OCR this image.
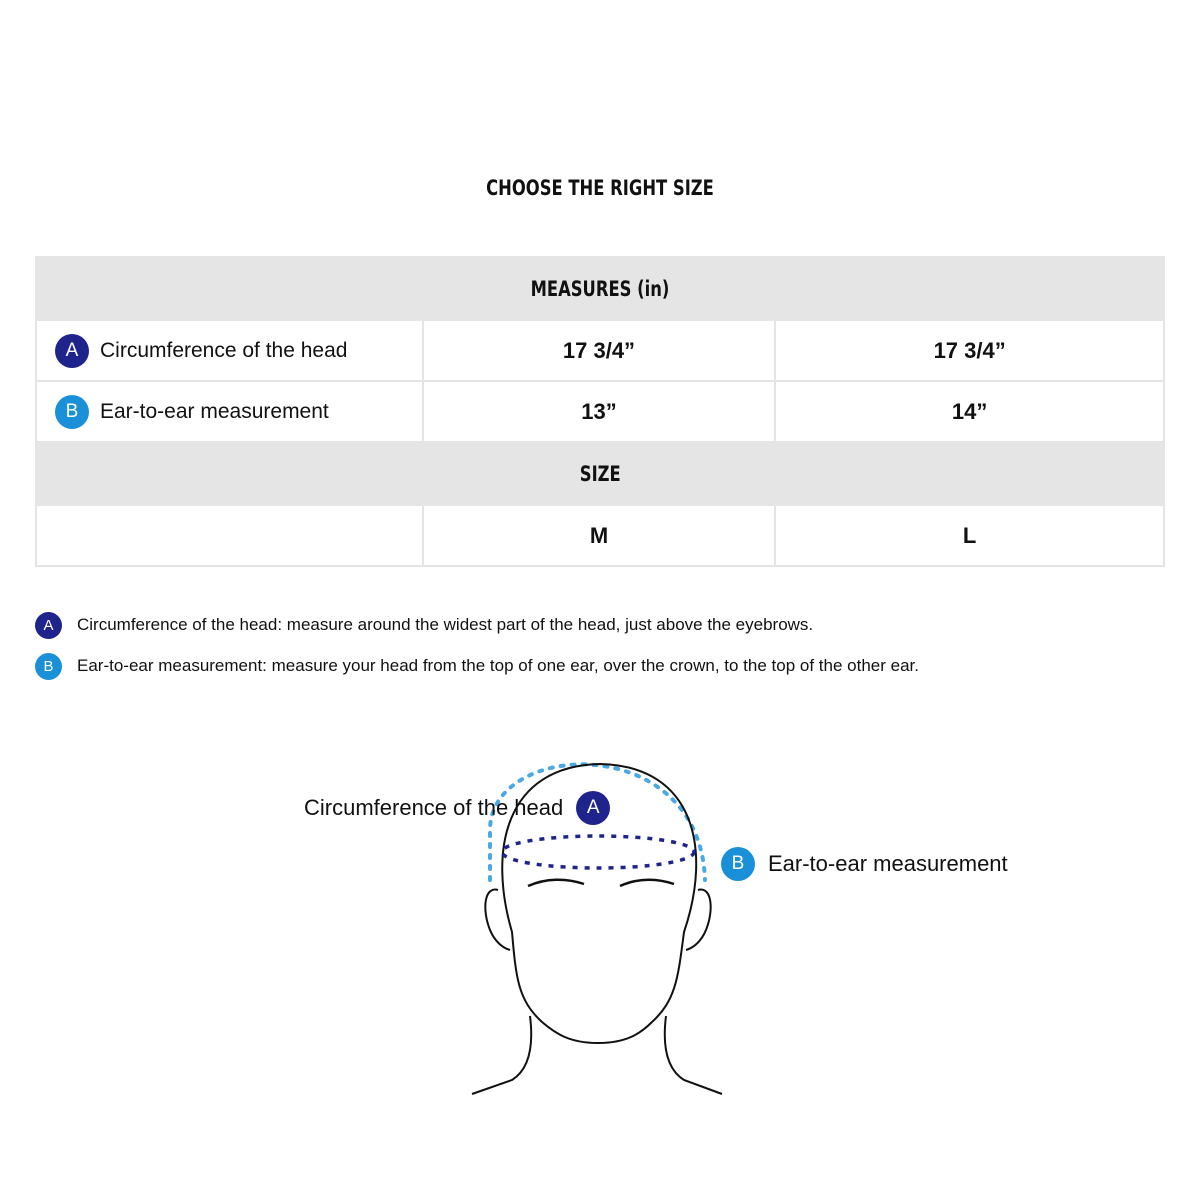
CHOOSE THE RIGHT SIZE
MEASURES (in)		

A Circumference of the head	17 3/4”	17 3/4”

B Ear-to-ear measurement	13”	14”
SIZE		
	M	L
A	Circumference of the head: measure around the widest part of the head, just above the eyebrows.
B	Ear-to-ear measurement: measure your head from the top of one ear, over the crown, to the top of the other ear.
Circumference of the head	A
B	Ear-to-ear measurement
